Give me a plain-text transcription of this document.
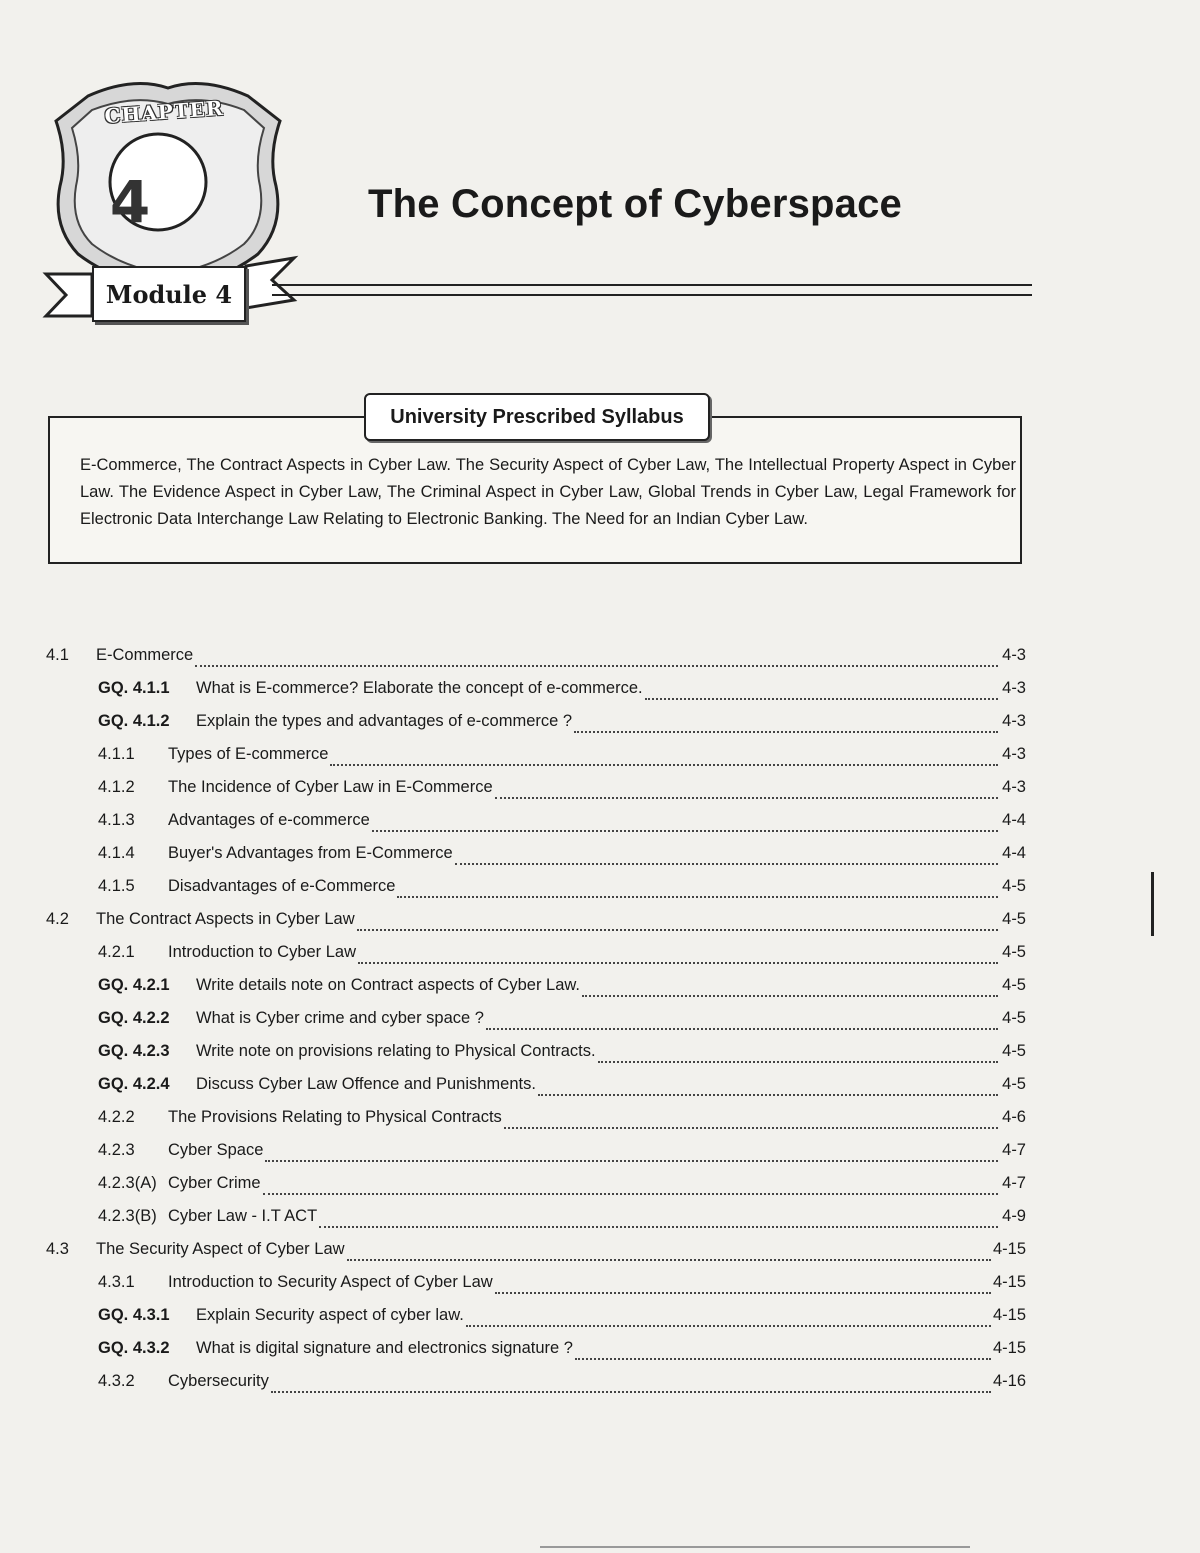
CHAPTER
4
Module 4
The Concept of Cyberspace
University Prescribed Syllabus
E-Commerce, The Contract Aspects in Cyber Law. The Security Aspect of Cyber Law, The Intellectual Property Aspect in Cyber Law. The Evidence Aspect in Cyber Law, The Criminal Aspect in Cyber Law, Global Trends in Cyber Law, Legal Framework for Electronic Data Interchange Law Relating to Electronic Banking. The Need for an Indian Cyber Law.
4.1	E-Commerce	4-3
GQ. 4.1.1	What is E-commerce? Elaborate the concept of e-commerce.	4-3
GQ. 4.1.2	Explain the types and advantages of e-commerce ?	4-3
4.1.1	Types of E-commerce	4-3
4.1.2	The Incidence of Cyber Law in E-Commerce	4-3
4.1.3	Advantages of e-commerce	4-4
4.1.4	Buyer's Advantages from E-Commerce	4-4
4.1.5	Disadvantages of e-Commerce	4-5
4.2	The Contract Aspects in Cyber Law	4-5
4.2.1	Introduction to Cyber Law	4-5
GQ. 4.2.1	Write details note on Contract aspects of Cyber Law.	4-5
GQ. 4.2.2	What is Cyber crime and cyber space ?	4-5
GQ. 4.2.3	Write note on provisions relating to Physical Contracts.	4-5
GQ. 4.2.4	Discuss Cyber Law Offence and Punishments.	4-5
4.2.2	The Provisions Relating to Physical Contracts	4-6
4.2.3	Cyber Space	4-7
4.2.3(A) Cyber Crime	4-7
4.2.3(B) Cyber Law - I.T ACT	4-9
4.3	The Security Aspect of Cyber Law	4-15
4.3.1	Introduction to Security Aspect of Cyber Law	4-15
GQ. 4.3.1	Explain Security aspect of cyber law.	4-15
GQ. 4.3.2	What is digital signature and electronics signature ?	4-15
4.3.2	Cybersecurity	4-16
